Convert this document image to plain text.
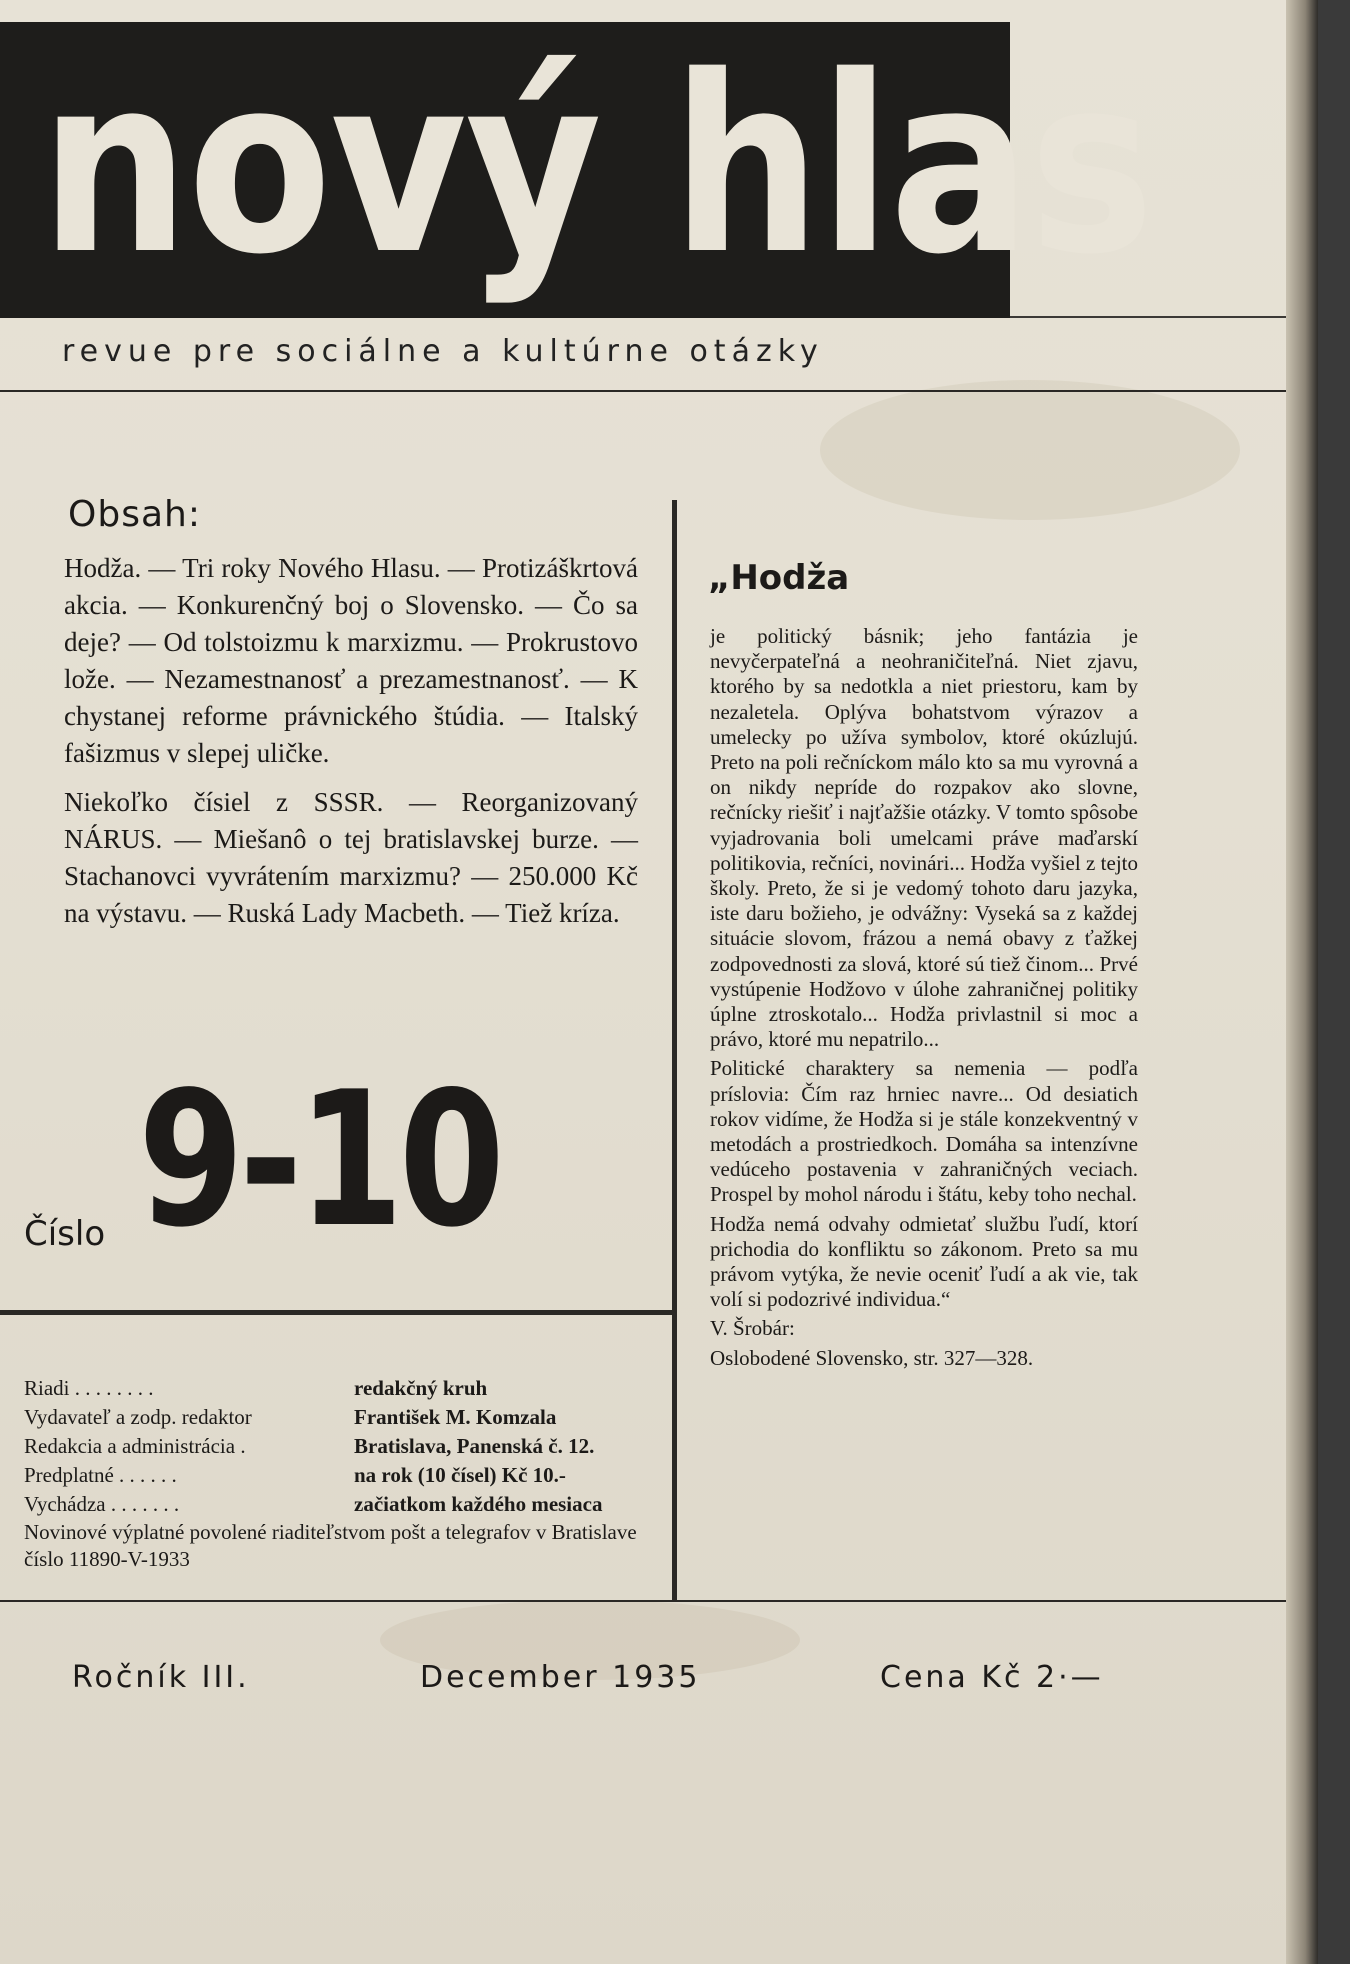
nový hlas
revue pre sociálne a kultúrne otázky
Obsah:

Hodža. — Tri roky Nového Hlasu. — Protizáškrtová akcia. — Konkurenčný boj o Slovensko. — Čo sa deje? — Od tolstoizmu k marxizmu. — Prokrustovo lože. — Nezamestnanosť a prezamestnanosť. — K chystanej reforme právnického štúdia. — Italský fašizmus v slepej uličke.

Niekoľko čísiel z SSSR. — Reorganizovaný NÁRUS. — Miešanô o tej bratislavskej burze. — Stachanovci vyvrátením marxizmu? — 250.000 Kč na výstavu. — Ruská Lady Macbeth. — Tiež kríza.

9-10
Číslo
„Hodža

je politický básnik; jeho fantázia je nevyčerpateľná a neohraničiteľná. Niet zjavu, ktorého by sa nedotkla a niet priestoru, kam by nezaletela. Oplýva bohatstvom výrazov a umelecky po užíva symbolov, ktoré okúzlujú. Preto na poli rečníckom málo kto sa mu vyrovná a on nikdy nepríde do rozpakov ako slovne, rečnícky riešiť i najťažšie otázky. V tomto spôsobe vyjadrovania boli umelcami práve maďarskí politikovia, rečníci, novinári... Hodža vyšiel z tejto školy. Preto, že si je vedomý tohoto daru jazyka, iste daru božieho, je odvážny: Vyseká sa z každej situácie slovom, frázou a nemá obavy z ťažkej zodpovednosti za slová, ktoré sú tiež činom... Prvé vystúpenie Hodžovo v úlohe zahraničnej politiky úplne ztroskotalo... Hodža privlastnil si moc a právo, ktoré mu nepatrilo...

Politické charaktery sa nemenia — podľa príslovia: Čím raz hrniec navre... Od desiatich rokov vidíme, že Hodža si je stále konzekventný v metodách a prostriedkoch. Domáha sa intenzívne vedúceho postavenia v zahraničných veciach. Prospel by mohol národu i štátu, keby toho nechal.

Hodža nemá odvahy odmietať službu ľudí, ktorí prichodia do konfliktu so zákonom. Preto sa mu právom vytýka, že nevie oceniť ľudí a ak vie, tak volí si podozrivé individua.“

V. Šrobár:

Oslobodené Slovensko, str. 327—328.

Riadi . . . . . . . .	redakčný kruh
Vydavateľ a zodp. redaktor	František M. Komzala
Redakcia a administrácia .	Bratislava, Panenská č. 12.
Predplatné . . . . . .	na rok (10 čísel) Kč 10.-
Vychádza . . . . . . .	začiatkom každého mesiaca
Novinové výplatné povolené riaditeľstvom pošt a telegrafov v Bratislave číslo 11890-V-1933
Ročník III.	December 1935	Cena Kč 2·—
